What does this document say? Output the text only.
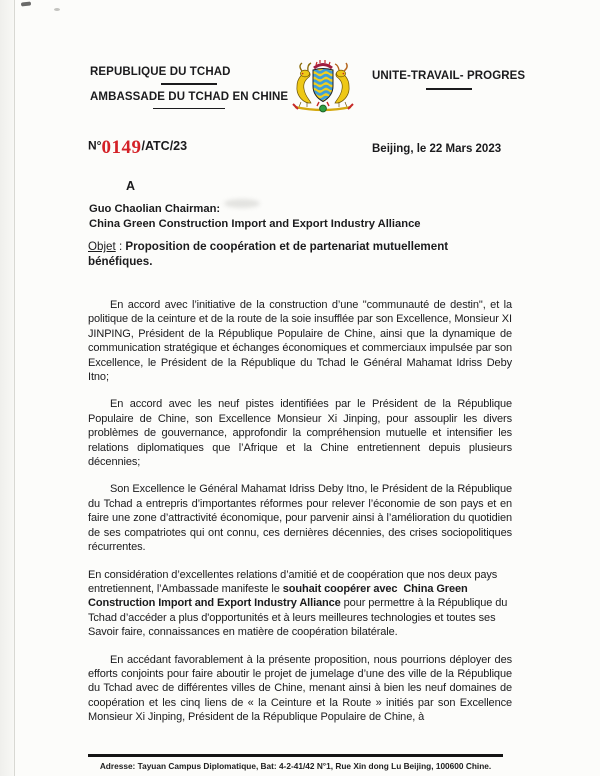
REPUBLIQUE DU TCHAD
AMBASSADE DU TCHAD EN CHINE
UNITE-TRAVAIL- PROGRES
$^{N^\circ}$0149/ATC/23	Beijing, le 22 Mars 2023
A
Guo Chaolian Chairman:
China Green Construction Import and Export Industry Alliance
Objet : Proposition de coopération et de partenariat mutuellement bénéfiques.

En accord avec l’initiative de la construction d’une "communauté de destin", et la politique de la ceinture et de la route de la soie insufflée par son Excellence, Monsieur XI JINPING, Président de la République Populaire de Chine, ainsi que la dynamique de communication stratégique et échanges économiques et commerciaux impulsée par son Excellence, le Président de la République du Tchad le Général Mahamat Idriss Deby Itno;

En accord avec les neuf pistes identifiées par le Président de la République Populaire de Chine, son Excellence Monsieur Xi Jinping, pour assouplir les divers problèmes de gouvernance, approfondir la compréhension mutuelle et intensifier les relations diplomatiques que l’Afrique et la Chine entretiennent depuis plusieurs décennies;

Son Excellence le Général Mahamat Idriss Deby Itno, le Président de la République du Tchad a entrepris d’importantes réformes pour relever l’économie de son pays et en faire une zone d’attractivité économique, pour parvenir ainsi à l’amélioration du quotidien de ses compatriotes qui ont connu, ces dernières décennies, des crises sociopolitiques récurrentes.

En considération d’excellentes relations d’amitié et de coopération que nos deux pays entretiennent, l’Ambassade manifeste le souhait coopérer avec  China Green Construction Import and Export Industry Alliance pour permettre à la République du Tchad d’accéder a plus d'opportunités et à leurs meilleures technologies et toutes ses Savoir faire, connaissances en matière de coopération bilatérale.

En accédant favorablement à la présente proposition, nous pourrions déployer des efforts conjoints pour faire aboutir le projet de jumelage d’une des ville de la République du Tchad avec de différentes villes de Chine, menant ainsi à bien les neuf domaines de coopération et les cinq liens de « la Ceinture et la Route » initiés par son Excellence Monsieur Xi Jinping, Président de la République Populaire de Chine, à

Adresse: Tayuan Campus Diplomatique, Bat: 4-2-41/42 N°1, Rue Xin dong Lu Beijing, 100600 Chine.
